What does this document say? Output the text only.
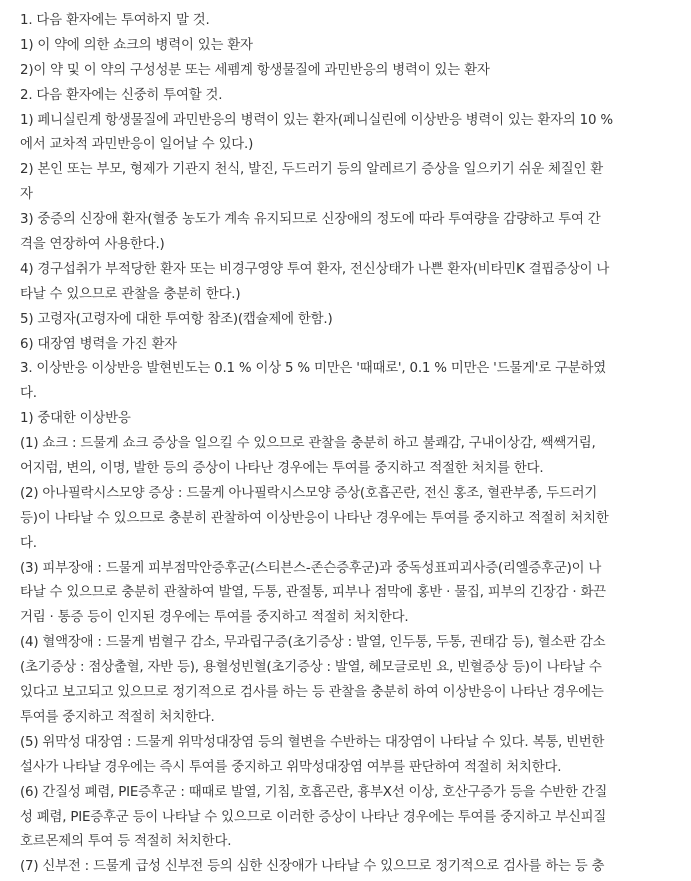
1. 다음 환자에는 투여하지 말 것.
1) 이 약에 의한 쇼크의 병력이 있는 환자
2)이 약 및 이 약의 구성성분 또는 세펨계 항생물질에 과민반응의 병력이 있는 환자
2. 다음 환자에는 신중히 투여할 것.
1) 페니실린계 항생물질에 과민반응의 병력이 있는 환자(페니실린에 이상반응 병력이 있는 환자의 10 %
에서 교차적 과민반응이 일어날 수 있다.)
2) 본인 또는 부모, 형제가 기관지 천식, 발진, 두드러기 등의 알레르기 증상을 일으키기 쉬운 체질인 환
자
3) 중증의 신장애 환자(혈중 농도가 계속 유지되므로 신장애의 정도에 따라 투여량을 감량하고 투여 간
격을 연장하여 사용한다.)
4) 경구섭취가 부적당한 환자 또는 비경구영양 투여 환자, 전신상태가 나쁜 환자(비타민K 결핍증상이 나
타날 수 있으므로 관찰을 충분히 한다.)
5) 고령자(고령자에 대한 투여항 참조)(캡슐제에 한함.)
6) 대장염 병력을 가진 환자
3. 이상반응 이상반응 발현빈도는 0.1 % 이상 5 % 미만은 '때때로', 0.1 % 미만은 '드물게'로 구분하였
다.
1) 중대한 이상반응
(1) 쇼크 : 드물게 쇼크 증상을 일으킬 수 있으므로 관찰을 충분히 하고 불쾌감, 구내이상감, 쌕쌕거림,
어지럼, 변의, 이명, 발한 등의 증상이 나타난 경우에는 투여를 중지하고 적절한 처치를 한다.
(2) 아나필락시스모양 증상 : 드물게 아나필락시스모양 증상(호흡곤란, 전신 홍조, 혈관부종, 두드러기
등)이 나타날 수 있으므로 충분히 관찰하여 이상반응이 나타난 경우에는 투여를 중지하고 적절히 처치한
다.
(3) 피부장애 : 드물게 피부점막안증후군(스티븐스-존슨증후군)과 중독성표피괴사증(리엘증후군)이 나
타날 수 있으므로 충분히 관찰하여 발열, 두통, 관절통, 피부나 점막에 홍반 · 물집, 피부의 긴장감 · 화끈
거림 · 통증 등이 인지된 경우에는 투여를 중지하고 적절히 처치한다.
(4) 혈액장애 : 드물게 범혈구 감소, 무과립구증(초기증상 : 발열, 인두통, 두통, 권태감 등), 혈소판 감소
(초기증상 : 점상출혈, 자반 등), 용혈성빈혈(초기증상 : 발열, 헤모글로빈 요, 빈혈증상 등)이 나타날 수
있다고 보고되고 있으므로 정기적으로 검사를 하는 등 관찰을 충분히 하여 이상반응이 나타난 경우에는
투여를 중지하고 적절히 처치한다.
(5) 위막성 대장염 : 드물게 위막성대장염 등의 혈변을 수반하는 대장염이 나타날 수 있다. 복통, 빈번한
설사가 나타날 경우에는 즉시 투여를 중지하고 위막성대장염 여부를 판단하여 적절히 처치한다.
(6) 간질성 폐렴, PIE증후군 : 때때로 발열, 기침, 호흡곤란, 흉부X선 이상, 호산구증가 등을 수반한 간질
성 폐렴, PIE증후군 등이 나타날 수 있으므로 이러한 증상이 나타난 경우에는 투여를 중지하고 부신피질
호르몬제의 투여 등 적절히 처치한다.
(7) 신부전 : 드물게 급성 신부전 등의 심한 신장애가 나타날 수 있으므로 정기적으로 검사를 하는 등 충
